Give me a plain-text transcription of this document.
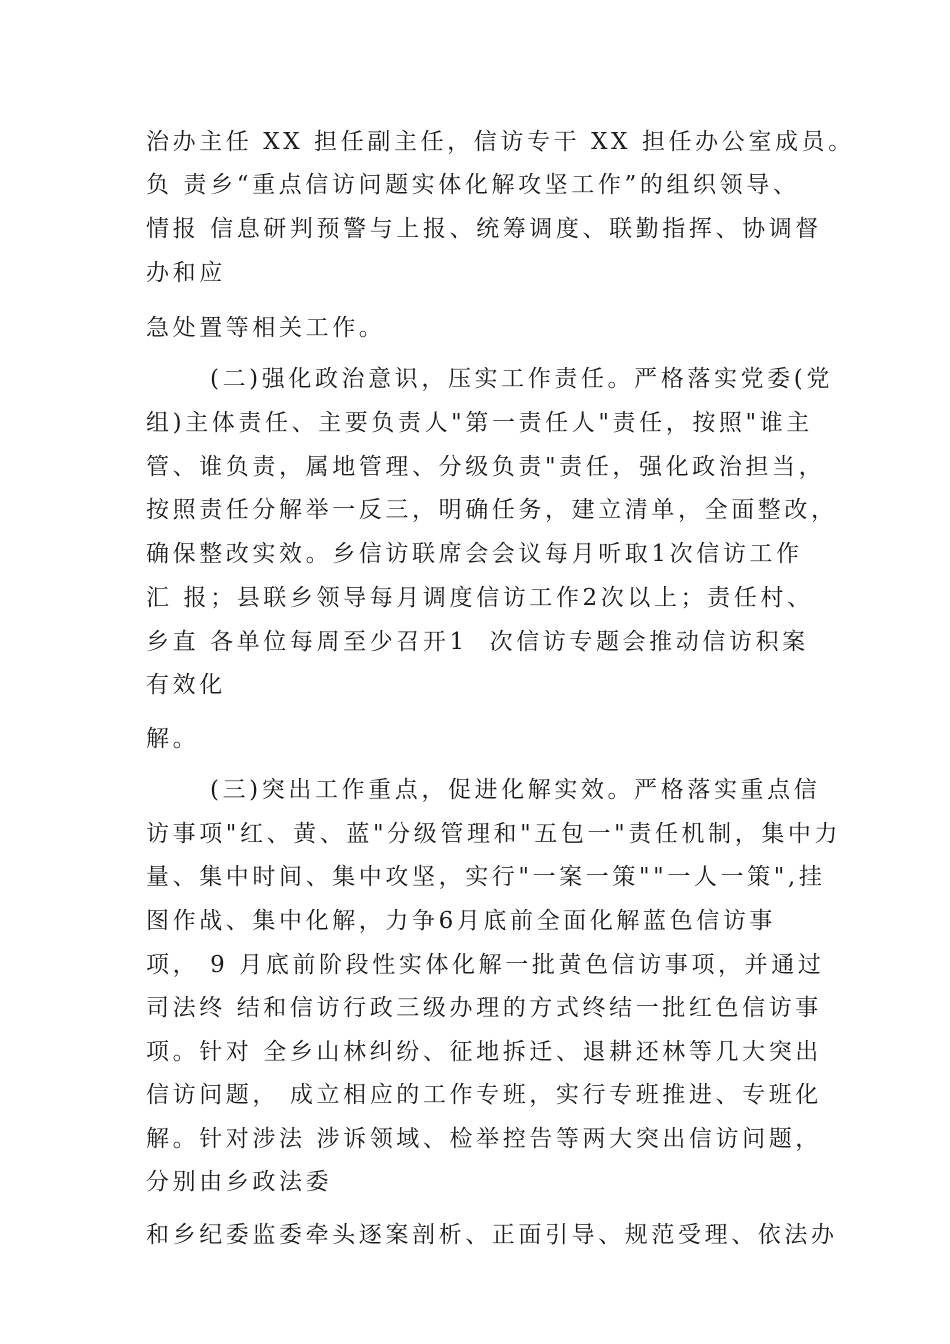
治办主任 XX 担任副主任，信访专干 XX 担任办公室成员。
负 责乡“重点信访问题实体化解攻坚工作”的组织领导、
情报 信息研判预警与上报、统筹调度、联勤指挥、协调督
办和应
急处置等相关工作。
(二)强化政治意识，压实工作责任。严格落实党委(党
组)主体责任、主要负责人"第一责任人"责任，按照"谁主
管、谁负责，属地管理、分级负责"责任，强化政治担当，
按照责任分解举一反三，明确任务，建立清单，全面整改，
确保整改实效。乡信访联席会会议每月听取1次信访工作
汇 报；县联乡领导每月调度信访工作2次以上；责任村、
乡直 各单位每周至少召开1  次信访专题会推动信访积案
有效化
解。
(三)突出工作重点，促进化解实效。严格落实重点信
访事项"红、黄、蓝"分级管理和"五包一"责任机制，集中力
量、集中时间、集中攻坚，实行"一案一策""一人一策",挂
图作战、集中化解，力争6月底前全面化解蓝色信访事
项， 9 月底前阶段性实体化解一批黄色信访事项，并通过
司法终 结和信访行政三级办理的方式终结一批红色信访事
项。针对 全乡山林纠纷、征地拆迁、退耕还林等几大突出
信访问题， 成立相应的工作专班，实行专班推进、专班化
解。针对涉法 涉诉领域、检举控告等两大突出信访问题，
分别由乡政法委
和乡纪委监委牵头逐案剖析、正面引导、规范受理、依法办
